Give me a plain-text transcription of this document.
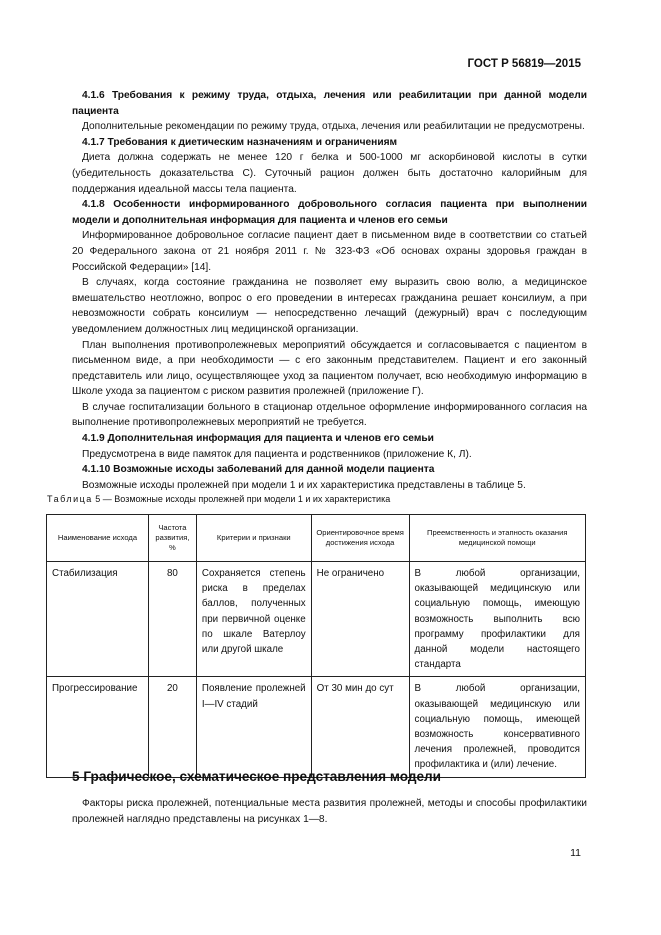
ГОСТ Р 56819—2015

4.1.6 Требования к режиму труда, отдыха, лечения или реабилитации при данной модели пациента

Дополнительные рекомендации по режиму труда, отдыха, лечения или реабилитации не предусмотрены.

4.1.7 Требования к диетическим назначениям и ограничениям

Диета должна содержать не менее 120 г белка и 500-1000 мг аскорбиновой кислоты в сутки (убедительность доказательства С). Суточный рацион должен быть достаточно калорийным для поддержания идеальной массы тела пациента.

4.1.8 Особенности информированного добровольного согласия пациента при выполнении модели и дополнительная информация для пациента и членов его семьи

Информированное добровольное согласие пациент дает в письменном виде в соответствии со статьей 20 Федерального закона от 21 ноября 2011 г. № 323-ФЗ «Об основах охраны здоровья граждан в Российской Федерации» [14].

В случаях, когда состояние гражданина не позволяет ему выразить свою волю, а медицинское вмешательство неотложно, вопрос о его проведении в интересах гражданина решает консилиум, а при невозможности собрать консилиум — непосредственно лечащий (дежурный) врач с последующим уведомлением должностных лиц медицинской организации.

План выполнения противопролежневых мероприятий обсуждается и согласовывается с пациентом в письменном виде, а при необходимости — с его законным представителем. Пациент и его законный представитель или лицо, осуществляющее уход за пациентом получает, всю необходимую информацию в Школе ухода за пациентом с риском развития пролежней (приложение Г).

В случае госпитализации больного в стационар отдельное оформление информированного согласия на выполнение противопролежневых мероприятий не требуется.

4.1.9 Дополнительная информация для пациента и членов его семьи

Предусмотрена в виде памяток для пациента и родственников (приложение К, Л).

4.1.10 Возможные исходы заболеваний для данной модели пациента

Возможные исходы пролежней при модели 1 и их характеристика представлены в таблице 5.

Таблица 5 — Возможные исходы пролежней при модели 1 и их характеристика
Наименование исхода	Частота развития, %	Критерии и признаки	Ориентировочное время достижения исхода	Преемственность и этапность оказания медицинской помощи
Стабилизация	80	Сохраняется степень риска в пределах баллов, полученных при первичной оценке по шкале Ватерлоу или другой шкале	Не ограничено	В любой организации, оказывающей медицинскую или социальную помощь, имеющую возможность выполнить всю программу профилактики для данной модели настоящего стандарта
Прогрессирование	20	Появление пролежней I—IV стадий	От 30 мин до сут	В любой организации, оказывающей медицинскую или социальную помощь, имеющей возможность консервативного лечения пролежней, проводится профилактика и (или) лечение.
5 Графическое, схематическое представления модели
Факторы риска пролежней, потенциальные места развития пролежней, методы и способы профилактики пролежней наглядно представлены на рисунках 1—8.
11
